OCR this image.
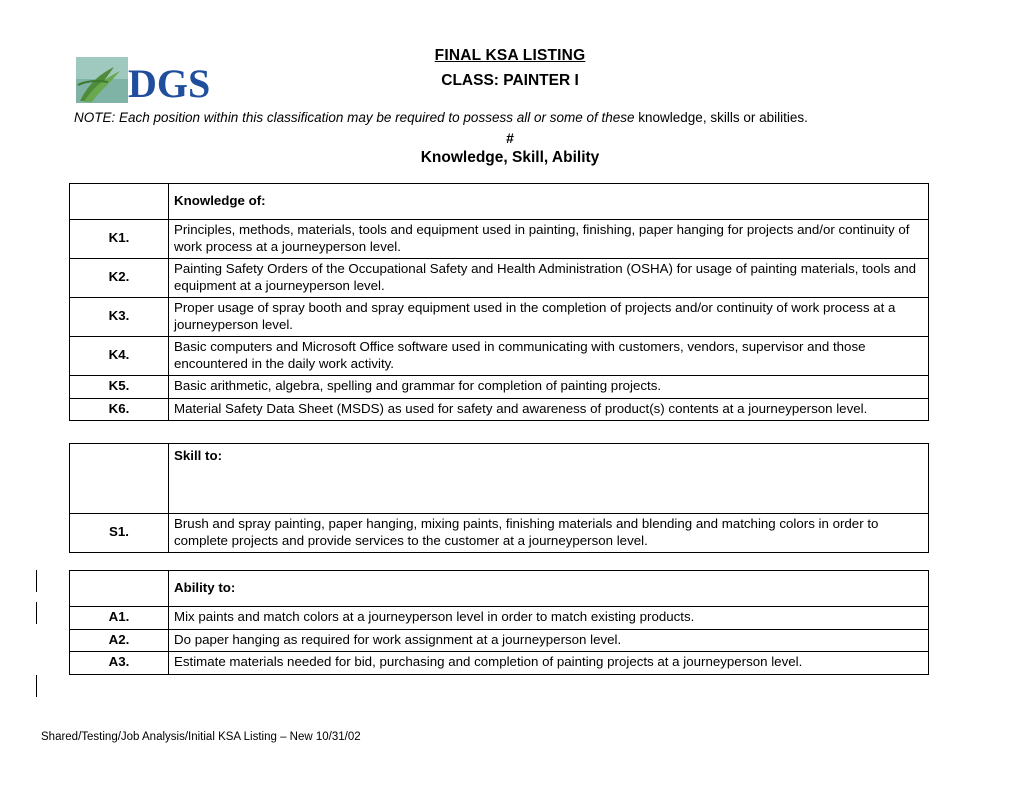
DGS
FINAL KSA LISTING
CLASS: PAINTER I
NOTE: Each position within this classification may be required to possess all or some of these knowledge, skills or abilities.
#
Knowledge, Skill, Ability
	Knowledge of:
K1.	Principles, methods, materials, tools and equipment used in painting, finishing, paper hanging for projects and/or continuity of work process at a journeyperson level.
K2.	Painting Safety Orders of the Occupational Safety and Health Administration (OSHA) for usage of painting materials, tools and equipment at a journeyperson level.
K3.	Proper usage of spray booth and spray equipment used in the completion of projects and/or continuity of work process at a journeyperson level.
K4.	Basic computers and Microsoft Office software used in communicating with customers, vendors, supervisor and those encountered in the daily work activity.
K5.	Basic arithmetic, algebra, spelling and grammar for completion of painting projects.
K6.	Material Safety Data Sheet (MSDS) as used for safety and awareness of product(s) contents at a journeyperson level.
	Skill to:
S1.	Brush and spray painting, paper hanging, mixing paints, finishing materials and blending and matching colors in order to complete projects and provide services to the customer at a journeyperson level.
	Ability to:
A1.	Mix paints and match colors at a journeyperson level in order to match existing products.
A2.	Do paper hanging as required for work assignment at a journeyperson level.
A3.	Estimate materials needed for bid, purchasing and completion of painting projects at a journeyperson level.
Shared/Testing/Job Analysis/Initial KSA Listing – New 10/31/02
